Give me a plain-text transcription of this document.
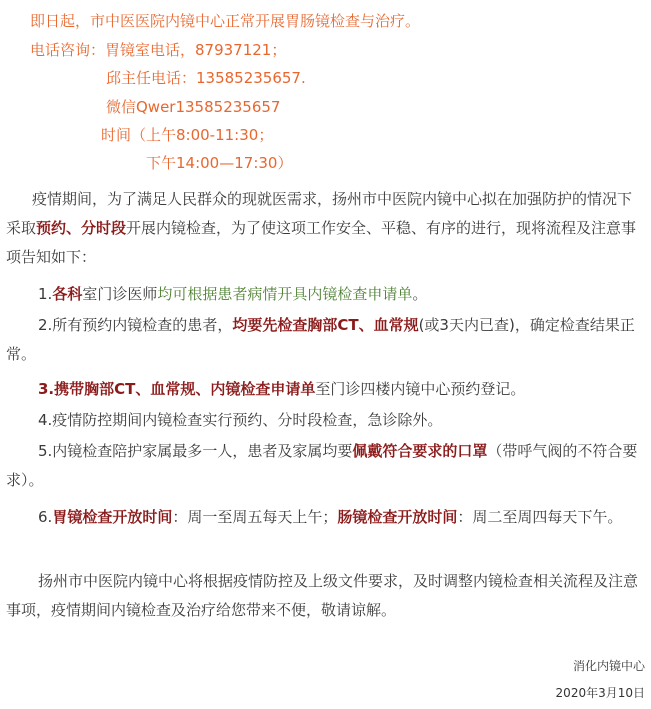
即日起，市中医医院内镜中心正常开展胃肠镜检查与治疗。
电话咨询：胃镜室电话，87937121；
邱主任电话：13585235657.
微信Qwer13585235657
时间（上午8:00-11:30；
下午14:00—17:30）
疫情期间，为了满足人民群众的现就医需求，扬州市中医院内镜中心拟在加强防护的情况下采取预约、分时段开展内镜检查，为了使这项工作安全、平稳、有序的进行，现将流程及注意事项告知如下：
1.各科室门诊医师均可根据患者病情开具内镜检查申请单。
2.所有预约内镜检查的患者，均要先检查胸部CT、血常规(或3天内已查)，确定检查结果正常。
3.携带胸部CT、血常规、内镜检查申请单至门诊四楼内镜中心预约登记。
4.疫情防控期间内镜检查实行预约、分时段检查，急诊除外。
5.内镜检查陪护家属最多一人，患者及家属均要佩戴符合要求的口罩（带呼气阀的不符合要求）。
6.胃镜检查开放时间：周一至周五每天上午；肠镜检查开放时间：周二至周四每天下午。
扬州市中医院内镜中心将根据疫情防控及上级文件要求，及时调整内镜检查相关流程及注意事项，疫情期间内镜检查及治疗给您带来不便，敬请谅解。
消化内镜中心
2020年3月10日
